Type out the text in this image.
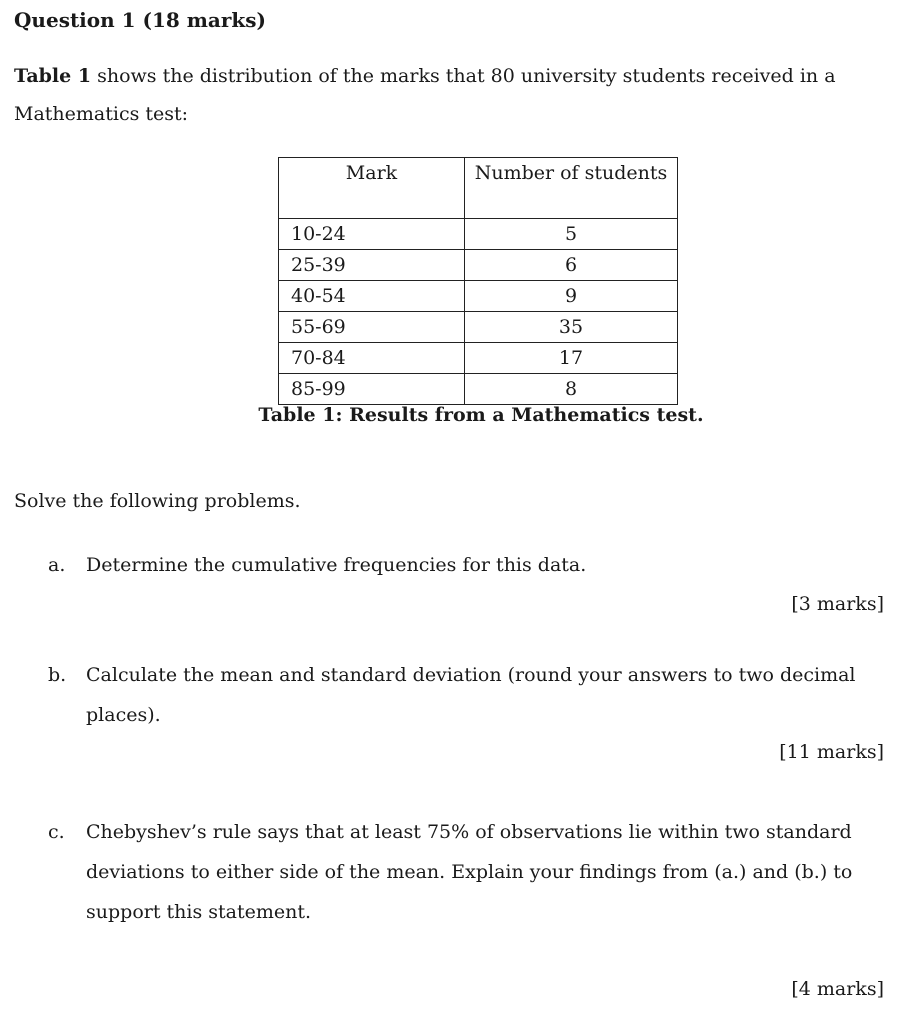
Question 1 (18 marks)

Table 1 shows the distribution of the marks that 80 university students received in a Mathematics test:

Mark	Number of students
10-24	5
25-39	6
40-54	9
55-69	35
70-84	17
85-99	8
Table 1: Results from a Mathematics test.
Solve the following problems.
a. Determine the cumulative frequencies for this data.
[3 marks]
b. Calculate the mean and standard deviation (round your answers to two decimal places).
[11 marks]
c. Chebyshev’s rule says that at least 75% of observations lie within two standard deviations to either side of the mean. Explain your findings from (a.) and (b.) to support this statement.
[4 marks]
